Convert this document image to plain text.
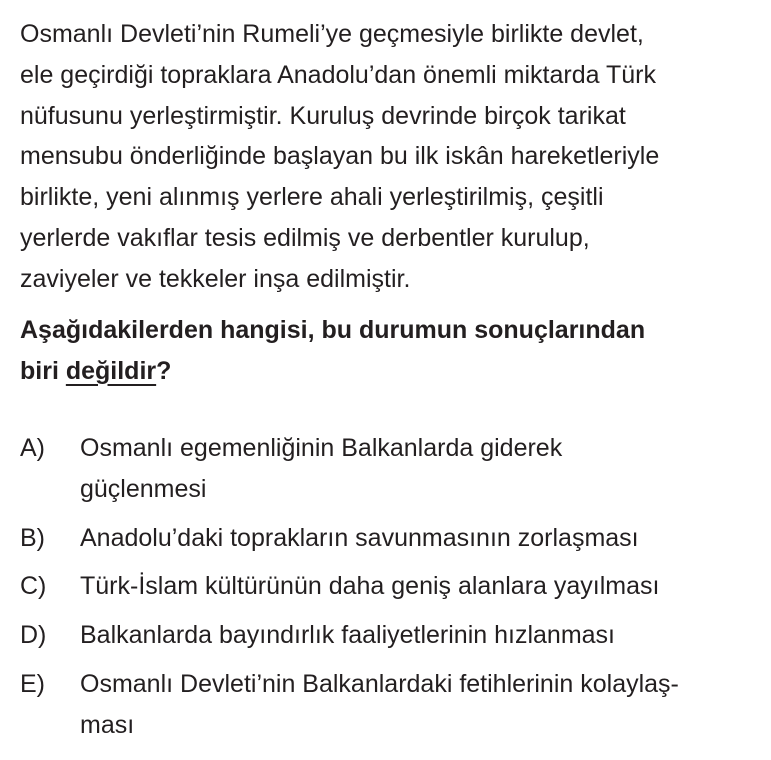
Osmanlı Devleti’nin Rumeli’ye geçmesiyle birlikte devlet,
ele geçirdiği topraklara Anadolu’dan önemli miktarda Türk
nüfusunu yerleştirmiştir. Kuruluş devrinde birçok tarikat
mensubu önderliğinde başlayan bu ilk iskân hareketleriyle
birlikte, yeni alınmış yerlere ahali yerleştirilmiş, çeşitli
yerlerde vakıflar tesis edilmiş ve derbentler kurulup,
zaviyeler ve tekkeler inşa edilmiştir.
Aşağıdakilerden hangisi, bu durumun sonuçlarından
biri değildir?
A) Osmanlı egemenliğinin Balkanlarda giderek
güçlenmesi
B) Anadolu’daki toprakların savunmasının zorlaşması
C) Türk-İslam kültürünün daha geniş alanlara yayılması
D) Balkanlarda bayındırlık faaliyetlerinin hızlanması
E) Osmanlı Devleti’nin Balkanlardaki fetihlerinin kolaylaş-
ması
